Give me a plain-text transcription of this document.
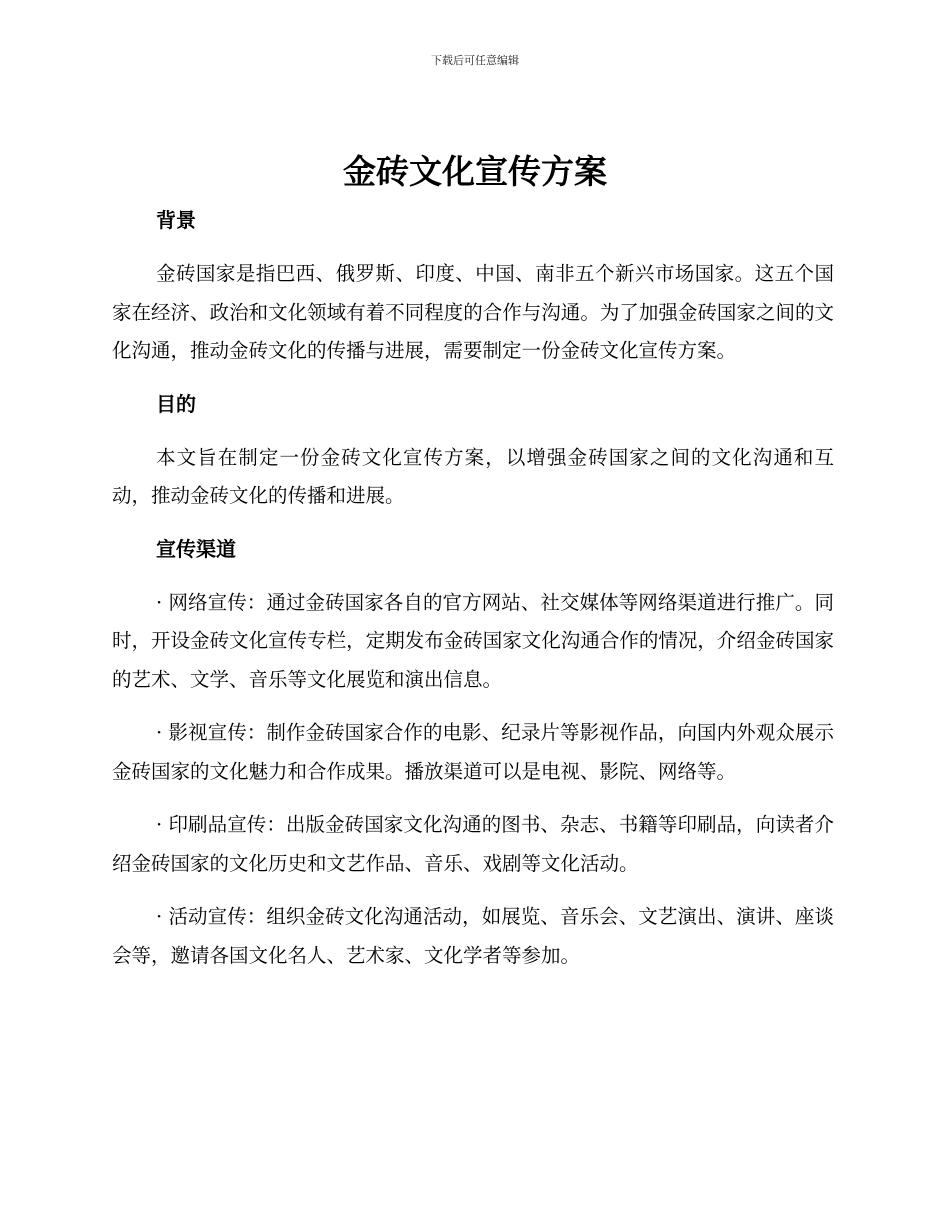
下载后可任意编辑
金砖文化宣传方案
背景

金砖国家是指巴西、俄罗斯、印度、中国、南非五个新兴市场国家。这五个国家在经济、政治和文化领域有着不同程度的合作与沟通。为了加强金砖国家之间的文化沟通，推动金砖文化的传播与进展，需要制定一份金砖文化宣传方案。

目的

本文旨在制定一份金砖文化宣传方案，以增强金砖国家之间的文化沟通和互动，推动金砖文化的传播和进展。

宣传渠道

· 网络宣传：通过金砖国家各自的官方网站、社交媒体等网络渠道进行推广。同时，开设金砖文化宣传专栏，定期发布金砖国家文化沟通合作的情况，介绍金砖国家的艺术、文学、音乐等文化展览和演出信息。

· 影视宣传：制作金砖国家合作的电影、纪录片等影视作品，向国内外观众展示金砖国家的文化魅力和合作成果。播放渠道可以是电视、影院、网络等。

· 印刷品宣传：出版金砖国家文化沟通的图书、杂志、书籍等印刷品，向读者介绍金砖国家的文化历史和文艺作品、音乐、戏剧等文化活动。

· 活动宣传：组织金砖文化沟通活动，如展览、音乐会、文艺演出、演讲、座谈会等，邀请各国文化名人、艺术家、文化学者等参加。
